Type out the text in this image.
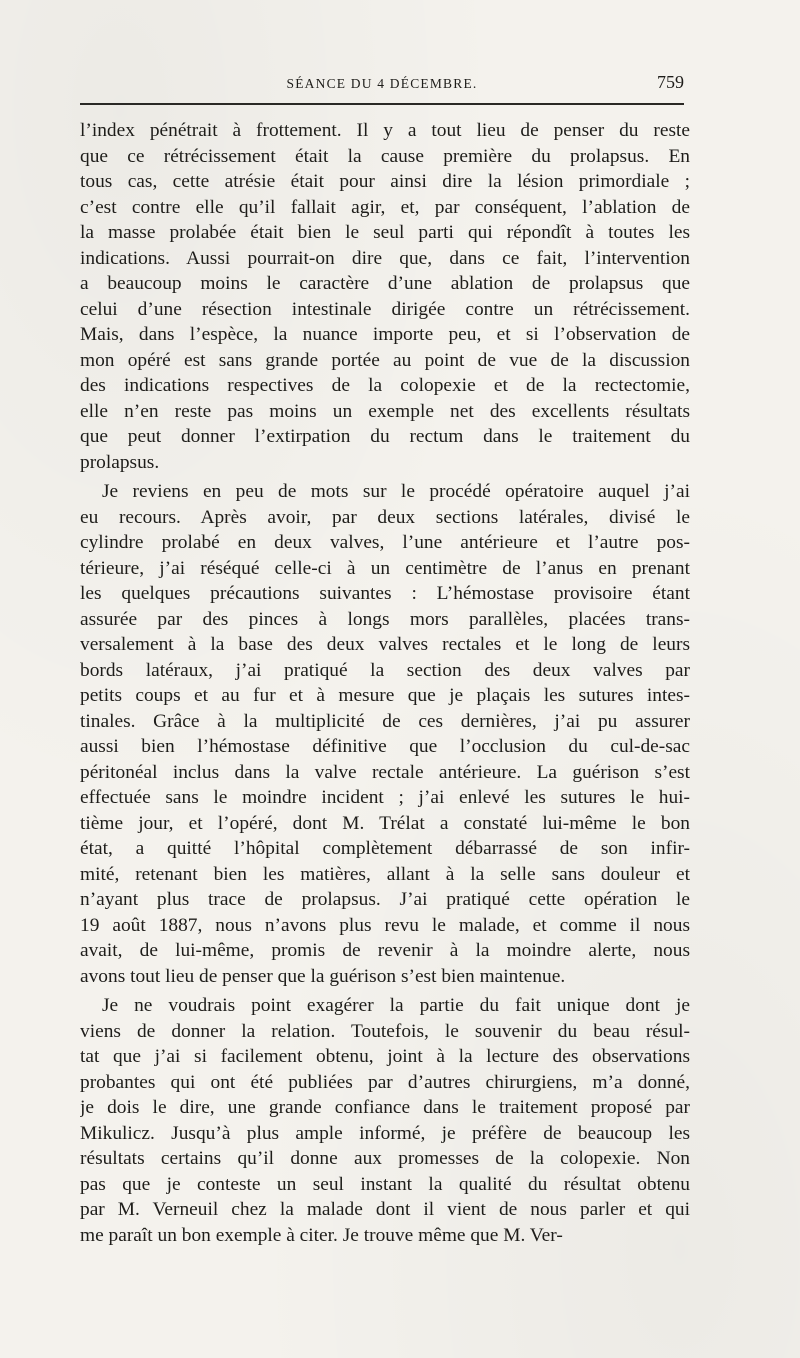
SÉANCE DU 4 DÉCEMBRE.	759
l’index pénétrait à frottement. Il y a tout lieu de penser du reste
que ce rétrécissement était la cause première du prolapsus. En
tous cas, cette atrésie était pour ainsi dire la lésion primordiale ;
c’est contre elle qu’il fallait agir, et, par conséquent, l’ablation de
la masse prolabée était bien le seul parti qui répondît à toutes les
indications. Aussi pourrait-on dire que, dans ce fait, l’intervention
a beaucoup moins le caractère d’une ablation de prolapsus que
celui d’une résection intestinale dirigée contre un rétrécissement.
Mais, dans l’espèce, la nuance importe peu, et si l’observation de
mon opéré est sans grande portée au point de vue de la discussion
des indications respectives de la colopexie et de la rectectomie,
elle n’en reste pas moins un exemple net des excellents résultats
que peut donner l’extirpation du rectum dans le traitement du
prolapsus.
Je reviens en peu de mots sur le procédé opératoire auquel j’ai
eu recours. Après avoir, par deux sections latérales, divisé le
cylindre prolabé en deux valves, l’une antérieure et l’autre pos-
térieure, j’ai réséqué celle-ci à un centimètre de l’anus en prenant
les quelques précautions suivantes : L’hémostase provisoire étant
assurée par des pinces à longs mors parallèles, placées trans-
versalement à la base des deux valves rectales et le long de leurs
bords latéraux, j’ai pratiqué la section des deux valves par
petits coups et au fur et à mesure que je plaçais les sutures intes-
tinales. Grâce à la multiplicité de ces dernières, j’ai pu assurer
aussi bien l’hémostase définitive que l’occlusion du cul-de-sac
péritonéal inclus dans la valve rectale antérieure. La guérison s’est
effectuée sans le moindre incident ; j’ai enlevé les sutures le hui-
tième jour, et l’opéré, dont M. Trélat a constaté lui-même le bon
état, a quitté l’hôpital complètement débarrassé de son infir-
mité, retenant bien les matières, allant à la selle sans douleur et
n’ayant plus trace de prolapsus. J’ai pratiqué cette opération le
19 août 1887, nous n’avons plus revu le malade, et comme il nous
avait, de lui-même, promis de revenir à la moindre alerte, nous
avons tout lieu de penser que la guérison s’est bien maintenue.
Je ne voudrais point exagérer la partie du fait unique dont je
viens de donner la relation. Toutefois, le souvenir du beau résul-
tat que j’ai si facilement obtenu, joint à la lecture des observations
probantes qui ont été publiées par d’autres chirurgiens, m’a donné,
je dois le dire, une grande confiance dans le traitement proposé par
Mikulicz. Jusqu’à plus ample informé, je préfère de beaucoup les
résultats certains qu’il donne aux promesses de la colopexie. Non
pas que je conteste un seul instant la qualité du résultat obtenu
par M. Verneuil chez la malade dont il vient de nous parler et qui
me paraît un bon exemple à citer. Je trouve même que M. Ver-
